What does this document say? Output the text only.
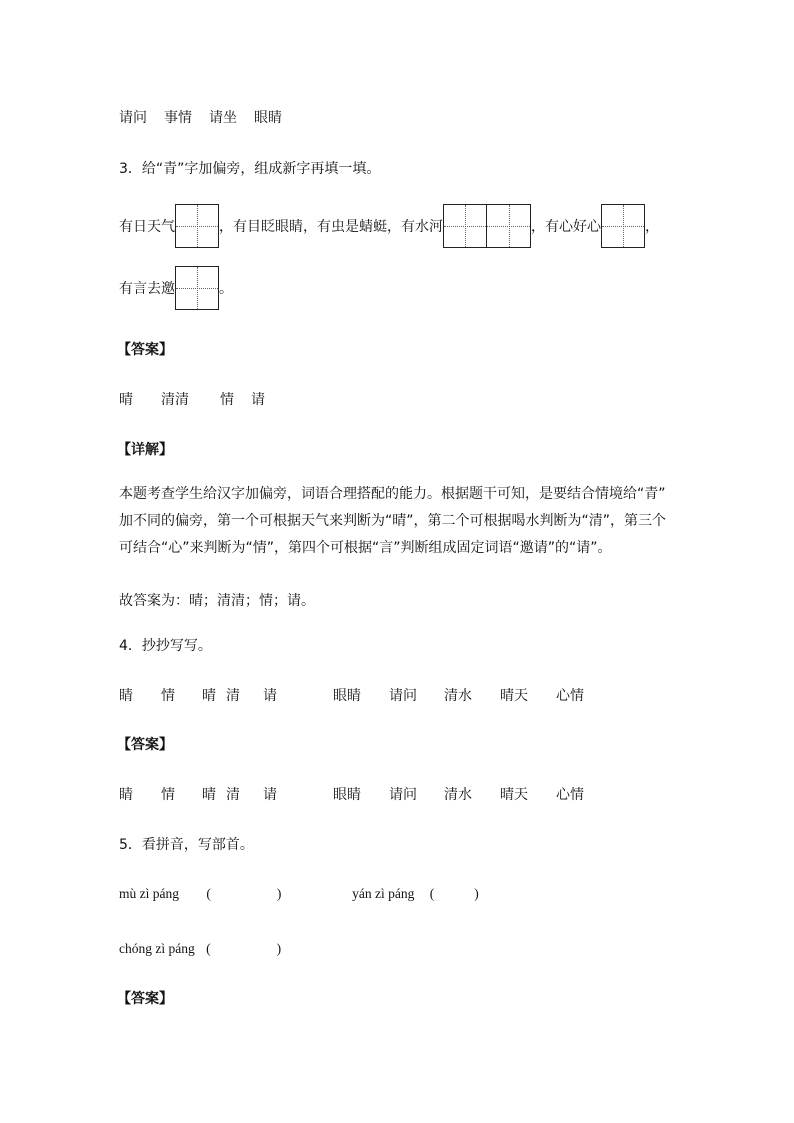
请问 事情 请坐 眼睛
3．给“青”字加偏旁，组成新字再填一填。
有日天气	，有目眨眼睛，有虫是蜻蜓，有水河	，有心好心	，
有言去邀	。
【答案】
晴 清清 情 请
【详解】
本题考查学生给汉字加偏旁，词语合理搭配的能力。根据题干可知，是要结合情境给“青”
加不同的偏旁，第一个可根据天气来判断为“晴”，第二个可根据喝水判断为“清”，第三个
可结合“心”来判断为“情”，第四个可根据“言”判断组成固定词语“邀请”的“请”。
故答案为：晴；清清；情；请。
4．抄抄写写。
睛 情 晴 清 请	眼睛 请问 清水 晴天 心情
【答案】
睛 情 晴 清 请	眼睛 请问 清水 晴天 心情
5．看拼音，写部首。
mù zì páng (	)	yán zì páng (	)
chóng zì páng (	)
【答案】
